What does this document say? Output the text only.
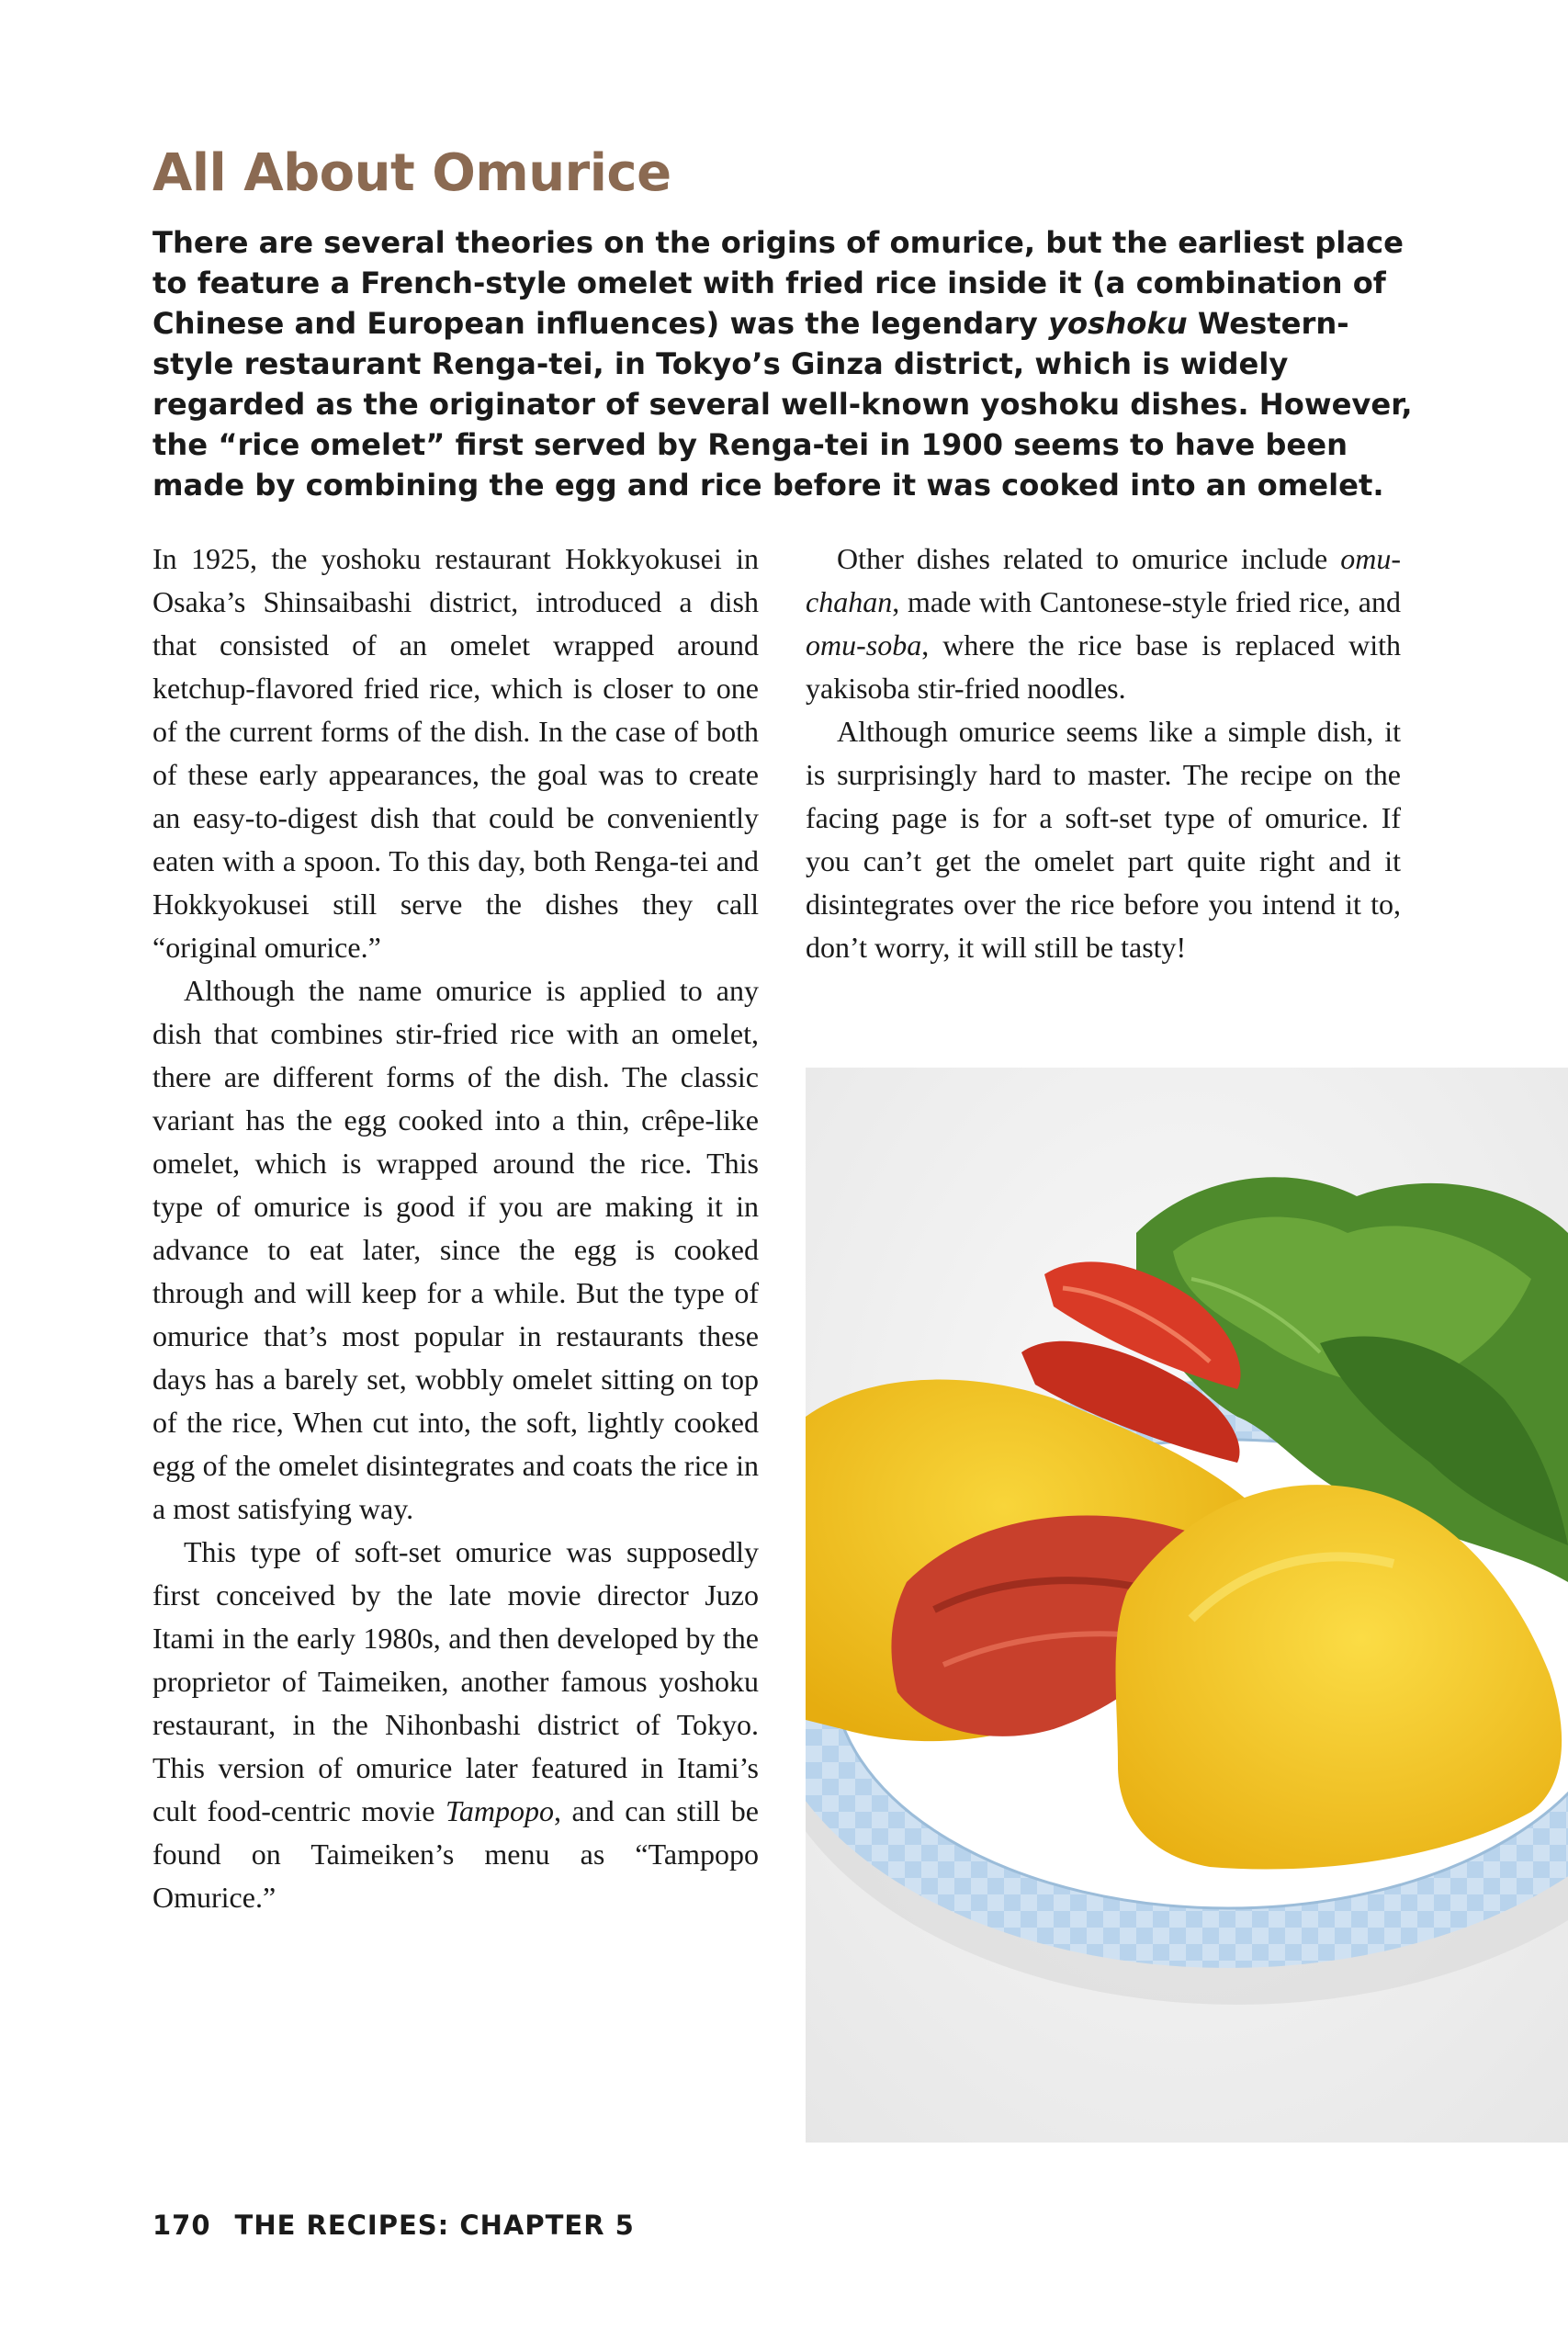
All About Omurice

There are several theories on the origins of omurice, but the earliest place to feature a French-style omelet with fried rice inside it (a combination of Chinese and European influences) was the legendary yoshoku Western-style restaurant Renga-tei, in Tokyo’s Ginza district, which is widely regarded as the originator of several well-known yoshoku dishes. However, the “rice omelet” first served by Renga-tei in 1900 seems to have been made by combining the egg and rice before it was cooked into an omelet.

In 1925, the yoshoku restaurant Hokkyokusei in Osaka’s Shinsaibashi district, introduced a dish that consisted of an omelet wrapped around ketchup-flavored fried rice, which is closer to one of the current forms of the dish. In the case of both of these early appearances, the goal was to create an easy-to-digest dish that could be conveniently eaten with a spoon. To this day, both Renga-tei and Hokkyokusei still serve the dishes they call “original omurice.”

Although the name omurice is applied to any dish that combines stir-fried rice with an omelet, there are different forms of the dish. The classic variant has the egg cooked into a thin, crêpe-like omelet, which is wrapped around the rice. This type of omurice is good if you are making it in advance to eat later, since the egg is cooked through and will keep for a while. But the type of omurice that’s most popular in restaurants these days has a barely set, wobbly omelet sitting on top of the rice, When cut into, the soft, lightly cooked egg of the omelet disintegrates and coats the rice in a most satisfying way.

This type of soft-set omurice was supposedly first conceived by the late movie director Juzo Itami in the early 1980s, and then developed by the proprietor of Taimeiken, another famous yoshoku restaurant, in the Nihonbashi district of Tokyo. This version of omurice later featured in Itami’s cult food-centric movie Tampopo, and can still be found on Taimeiken’s menu as “Tampopo Omurice.”

Other dishes related to omurice include omu-chahan, made with Cantonese-style fried rice, and omu-soba, where the rice base is replaced with yakisoba stir-fried noodles.

Although omurice seems like a simple dish, it is surprisingly hard to master. The recipe on the facing page is for a soft-set type of omurice. If you can’t get the omelet part quite right and it disintegrates over the rice before you intend it to, don’t worry, it will still be tasty!

170 THE RECIPES: CHAPTER 5
